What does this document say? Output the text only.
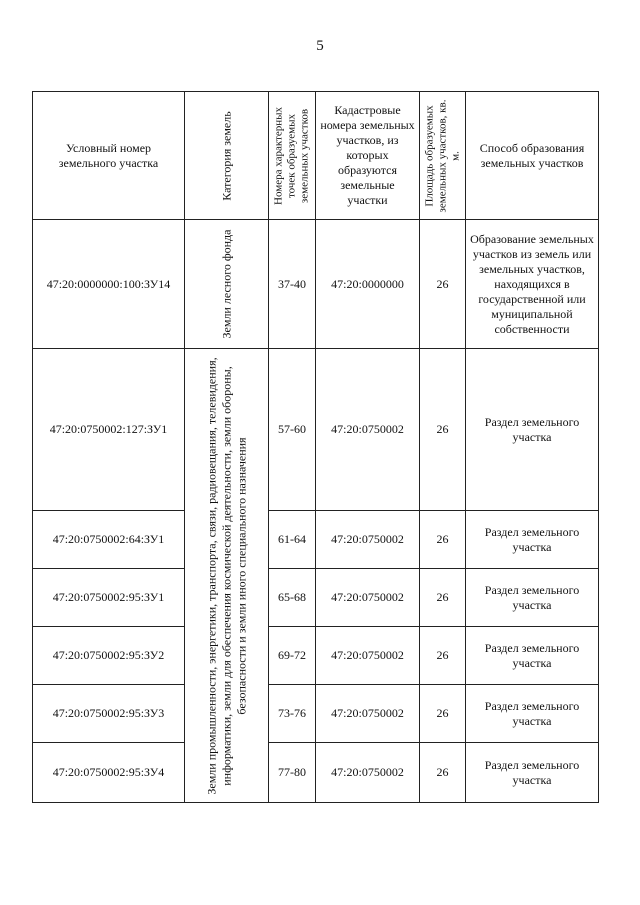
5
Условный номер земельного участка	Категория земель	Номера характерных точек образуемых земельных участков	Кадастровые номера земельных участков, из которых образуются земельные участки	Площадь образуемых земельных участков, кв. м.	Способ образования земельных участков
47:20:0000000:100:ЗУ14	Земли лесного фонда	37-40	47:20:0000000	26	Образование земельных участков из земель или земельных участков, находящихся в государственной или муниципальной собственности
47:20:0750002:127:ЗУ1	Земли промышленности, энергетики, транспорта, связи, радиовещания, телевидения, информатики, земли для обеспечения космической деятельности, земли обороны, безопасности и земли иного специального назначения	57-60	47:20:0750002	26	Раздел земельного участка
47:20:0750002:64:ЗУ1		61-64	47:20:0750002	26	Раздел земельного участка
47:20:0750002:95:ЗУ1		65-68	47:20:0750002	26	Раздел земельного участка
47:20:0750002:95:ЗУ2		69-72	47:20:0750002	26	Раздел земельного участка
47:20:0750002:95:ЗУ3		73-76	47:20:0750002	26	Раздел земельного участка
47:20:0750002:95:ЗУ4		77-80	47:20:0750002	26	Раздел земельного участка
